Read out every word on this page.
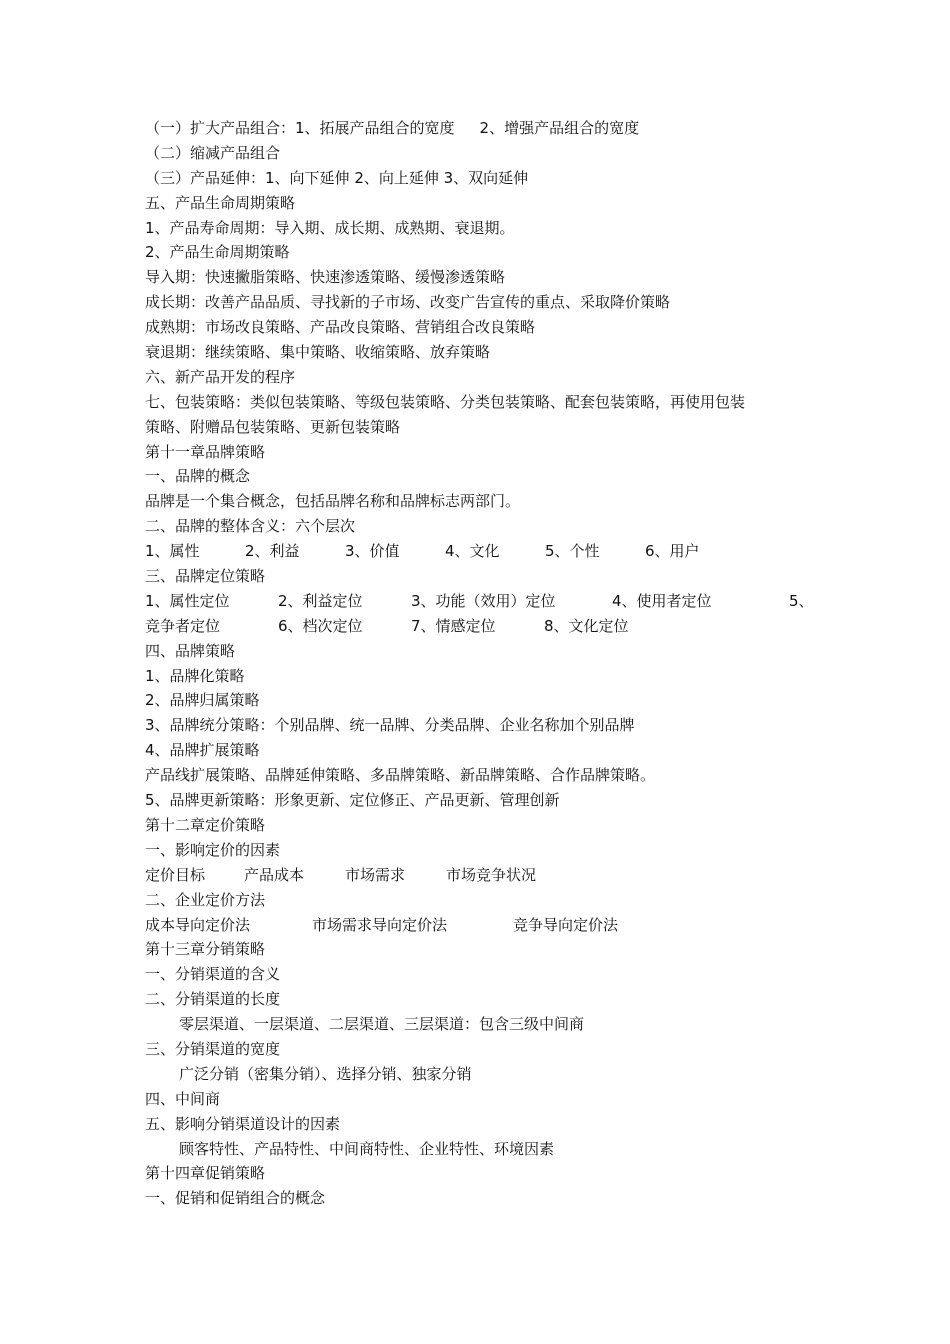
（一）扩大产品组合：1、拓展产品组合的宽度 2、增强产品组合的宽度
（二）缩减产品组合
（三）产品延伸：1、向下延伸 2、向上延伸 3、双向延伸
五、产品生命周期策略
1、产品寿命周期：导入期、成长期、成熟期、衰退期。
2、产品生命周期策略
导入期：快速撇脂策略、快速渗透策略、缓慢渗透策略
成长期：改善产品品质、寻找新的子市场、改变广告宣传的重点、采取降价策略
成熟期：市场改良策略、产品改良策略、营销组合改良策略
衰退期：继续策略、集中策略、收缩策略、放弃策略
六、新产品开发的程序
七、包装策略：类似包装策略、等级包装策略、分类包装策略、配套包装策略，再使用包装
策略、附赠品包装策略、更新包装策略
第十一章品牌策略
一、品牌的概念
品牌是一个集合概念，包括品牌名称和品牌标志两部门。
二、品牌的整体含义：六个层次
1、属性	2、利益	3、价值	4、文化	5、个性	6、用户
三、品牌定位策略
1、属性定位	2、利益定位	3、功能（效用）定位	4、使用者定位	5、
竞争者定位	6、档次定位	7、情感定位	8、文化定位
四、品牌策略
1、品牌化策略
2、品牌归属策略
3、品牌统分策略：个别品牌、统一品牌、分类品牌、企业名称加个别品牌
4、品牌扩展策略
产品线扩展策略、品牌延伸策略、多品牌策略、新品牌策略、合作品牌策略。
5、品牌更新策略：形象更新、定位修正、产品更新、管理创新
第十二章定价策略
一、影响定价的因素
定价目标	产品成本	市场需求	市场竞争状况
二、企业定价方法
成本导向定价法	市场需求导向定价法	竞争导向定价法
第十三章分销策略
一、分销渠道的含义
二、分销渠道的长度
零层渠道、一层渠道、二层渠道、三层渠道：包含三级中间商
三、分销渠道的宽度
广泛分销（密集分销）、选择分销、独家分销
四、中间商
五、影响分销渠道设计的因素
顾客特性、产品特性、中间商特性、企业特性、环境因素
第十四章促销策略
一、促销和促销组合的概念
